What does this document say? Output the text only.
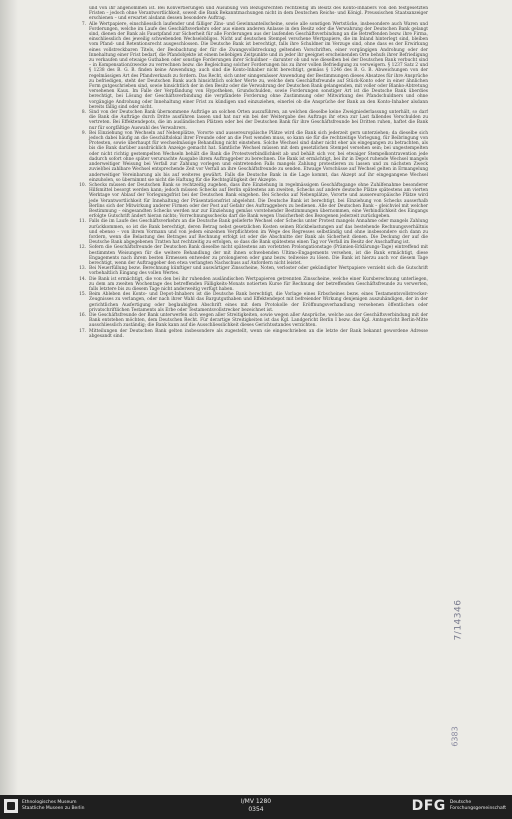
und von ihr angenommen ist. Bei Konvertierungen und Ausübung von Bezugsrechten rechtzeitig im Besitz des Konto-Inhabers von den festgesetzten Fristen – jedoch ohne Verantwortlichkeit, soweit die Bank Bekanntmachungen nicht in dem Deutschen Reichs- und Königl. Preussischen Staatsanzeiger erschienen – und erwartet alsdann dessen besondere Auftrag.
7. Alle Wertpapiere, einschliesslich laufender und fälliger Zins- und Gewinnanteilscheine, sowie alle sonstigen Wertstücke, insbesondere auch Waren und Forderungen, welche im Laufe des Geschäftsverkehrs oder aus einem anderen Anlasse in den Besitz oder die Verwahrung der Deutschen Bank gelangt sind, dienen der Bank als Faustpfand zur Sicherheit für alle Forderungen aus der laufenden Geschäftsverbindung an die Betreffenden bezw. ihre Firma, einschliesslich des jeweilig schwebenden Wechselobligos. Nicht auf deutschen Stempel verschene Wertpapiere, die im Inland hinterlegt sind, bleiben vom Pfand- und Retentionsrecht ausgeschlossen. Die Deutsche Bank ist berechtigt, falls ihre Schuldner im Verzuge sind, ohne dass es der Erwirkung eines vollstreckbaren Titels, der Beobachtung der für die Zwangsvollstreckung geltenden Vorschriften, einer vorgängigen Androhung oder der Innehaltung einer Frist bedarf, die Pfandobjekte ist einem beliebigen Zeitpunkte und in jeder ihr geeignet erscheinenden Orte behufs ihrer Befriedigung zu verkaufen und etwaige Guthaben oder sonstige Forderungen ihrer Schuldner – darunter ob und wie dieselben bei der Deutschen Bank verbucht sind – in Kompensation/zwecke zu verrechnen bezw. die Begleichung solcher Forderungen bis zu ihrer vollen Befriedigung zu verweigern. § 1237 Satz 2 und § 1238 des B. G. B. finden keine Anwendung; auch sind die Konto-Inhaber nicht berechtigt, gemäss § 1246 des B. G. B. Abweichungen von der regelmässigen Art des Pfandverkaufs zu fordern. Das Recht, sich unter sinngemässer Anwendung der Bestimmungen dieses Absatzes für ihre Ansprüche zu befriedigen, steht der Deutschen Bank auch hinsichtlich solcher Werte zu, welche dem Geschäftsfreunde auf Stück-Konto oder in einer ähnlichen Form gutgeschrieben sind, sowie hinsichtlich der in den Besitz oder die Verwahrung der Deutschen Bank gelangenden, mit voller oder Blanko-Abtretung versehenen Kaux. Im Falle der Verpfändung von Hypotheken, Grundschulden, sowie Forderungen sonstiger Art ist die Deutsche Bank überdies berechtigt, bei Lösung der Geschäftsverbindung die verpfändete Forderung ohne Zustimmung oder Mitwirkung des Pfandschuldners und ohne vorgängige Androhung oder Innehaltung einer Frist zu kündigen und einzuziehen, einerlei ob die Ansprüche der Bank an den Konto-Inhaber alsdann bereits fällig sind oder nicht.
8. Sind von der Deutschen Bank übernommene Aufträge an solchen Orten auszuführen, an welchen dieselbe keine Zweigniederlassung unterhält, so darf die Bank die Aufträge durch Dritte ausführen lassen und hat nur ein bei der Weitergabe des Auftrags ihr etwa zur Last fallendes Verschulden zu vertreten. Bei Effektendepots, die im ausländischen Plätzen oder bei der Deutschen Bank für ihre Geschäftsfreunde bei Dritten ruhen, haftet die Bank nur für sorgfältige Auswahl des Verwahrers.
9. Bei Einziehung von Wechseln auf Nebenplätze, Vororte und aussereuropäische Plätze wird die Bank sich jederzeit gern unterziehen; da dieselbe sich jedoch dabei häufig an die Geschäftslokal ihrer Freunde oder an die Post wenden muss, so kann sie für die rechtzeitige Vorlegung, für Beibringung von Protesten, sowie überhaupt für wechselmässige Behandlung nicht einstehen. Solche Wechsel sind daher nicht eher als eingegangen zu betrachten, als bis die Bank darüber ausdrücklich Anzeige gemacht hat. Sämtliche Wechsel müssen mit dem gesetzlichen Stempel versehen sein; bei ungestempelten oder nicht richtig gestempelten Wechseln behält die Bank die Protestverbindlichkeit ab und behält sich vor, bei etwaiger Stempelkontravention jede dadurch sofort ohne später verursachte Ausgabe ihrem Auftraggeber zu berechnen. Die Bank ist ermächtigt, bei ihr in Depot ruhende Wechsel mangels anderweitiger Weisung bei Verfall zur Zahlung vorlegen und eintretenden Falls mangels Zahlung protestieren zu lassen und zu nächsten Zweck zuviel/bei zahlbare Wechsel entsprechende Zeit vor Verfall an ihre Geschäftsfreunde zu senden. Etwaige Vorschüsse auf Wechsel gelten in Ermangelung anderweitiger Vereinbarung als bis auf weiteres gewährt. Falls die Deutsche Bank in die Lage kommt, das Akzept auf ihr eingegangene Wechsel einzuholen, so übernimmt sie nicht die Haftung für die Rechtsgültigkeit der Akzepte.
10. Schecks müssen der Deutschen Bank so rechtzeitig zugehen, dass ihre Einziehung in regelmässigem Geschäftsgange ohne Zuhilfenahme besonderer Hilfsmittel besorgt werden kann; jedoch müssen Schecks auf Berlin spätestens am zweiten, Schecks auf andere deutsche Plätze spätestens am vierten Werktage vor Ablauf der Vorlegungsfrist bei der Deutschen Bank eingehen. Bei Schecks auf Nebenplätze, Vororte und aussereuropäische Plätze wird jede Verantwortlichkeit für Innehaltung der Präsentationsfrist abgelehnt. Die Deutsche Bank ist berechtigt, bei Einziehung von Schecks ausserhalb Berlins sich der Mitwirkung anderer Firmen oder der Post auf Gefahr des Auftraggebers zu bedienen. Alle der Deutschen Bank – gleichviel mit welcher Bestimmung – eingesandten Schecks werden nur zur Einziehung gemäss vorstehender Bestimmungen übernommen, eine Verbindlichkeit des Eingangs erfolgte Gutschrift ändert hieran nichts; Vorrechnungsschecks darf die Bank wegen Unsicherheit des Bezogenen jederzeit zurückgeben.
11. Falls die im Laufe des Geschäftsverkehrs an die Deutsche Bank gelieferte Wechsel oder Schecks unter Protest mangels Annahme oder mangels Zahlung zurückkommen, so ist die Bank berechtigt, deren Betrag nebst gesetzlichen Kosten seinen Rückbelastungen auf das bestehende Rechnungsverhältnis und ebenso – von ihrem Vormann und von jedem einzelnen Verpflichteten im Wege des Regresses selbständig und ohne insbesondere sich dann zu fordern, wenn die Belastung des Betrages auf Rechnung erfolgt ist oder die Abschnitte der Bank als Sicherheit dienen. Die Deckung der auf die Deutsche Bank abgegebenen Tratten hat rechtzeitig zu erfolgen, so dass die Bank spätestens einen Tag vor Verfall im Besitz der Anschaffung ist.
12. Sofern die Geschäftsfreunde der Deutschen Bank dieselbe nicht spätestens am vorletzten Prolongationstage (Prämien-Erklärungs-Tage) eintreffend mit bestimmten Weisungen für die weitere Behandlung der mit ihnen schwebenden Ultimo-Engagements versehen, ist die Bank ermächtigt, diese Engagements nach ihrem besten Ermessen entweder zu prolongieren oder ganz bezw. teilweise zu lösen. Die Bank ist hierzu auch vor diesem Tage berechtigt, wenn der Auftraggeber den etwa verlangten Nachschuss auf Anfordern nicht leistet.
13. Bei Neuerfüllung bezw. Berechnung künftiger und auswärtiger Zinsscheine, Noten, verloster oder gekündigter Wertpapiere verzieht sich die Gutschrift vorbehaltlich Eingang des vollen Wertes.
14. Die Bank ist ermächtigt, die von den bei ihr ruhenden ausländischen Wertpapieren getrennten Zinsscheine, welche einer Kursberechnung unterliegen, zu dem am zweiten Wochentage des betreffenden Fälligkeits-Monats notierten Kurse für Rechnung der betreffenden Geschäftsfreunde zu verwerten, falls letztere bis zu diesem Tage nicht anderweitig verfügt haben.
15. Beim Ableben des Konto- und Depot-Inhabers ist die Deutsche Bank berechtigt, die Vorlage eines Erbscheines bezw. eines Testamentsvollstrecker-Zeugnisses zu verlangen, oder nach ihrer Wahl das Bargutguthaben und Effektendepot mit befreiender Wirkung denjenigen auszuhändigen, der in der gerichtlichen Ausfertigung oder beglaubigten Abschrift eines mit dem Protokolle der Eröffnungsverhandlung versehenen öffentlichen oder privatschriftlichen Testaments als Erbe oder Testamentsvollstrecker bezeichnet ist.
16. Die Geschäftsfreunde der Bank unterwerfen sich wegen aller Streitigkeiten, sowie wegen aller Ansprüche, welche aus der Geschäftsverbindung mit der Bank entstehen möchten, dem Deutschen Recht. Für derartige Streitigkeiten ist das Kgl. Landgericht Berlin I bezw. das Kgl. Amtsgericht Berlin-Mitte ausschliesslich zuständig; die Bank kann auf die Ausschliesslichkeit dieses Gerichtsstandes verzichten.
17. Mitteilungen der Deutschen Bank gelten insbesondere als zugestellt, wenn sie eingeschrieben an die letzte der Bank bekannt gewordene Adresse abgesandt sind.
7/14346
6383
Ethnologisches Museum
Staatliche Museen zu Berlin
I/MV 1280
0354	DFG Deutsche
Forschungsgemeinschaft
